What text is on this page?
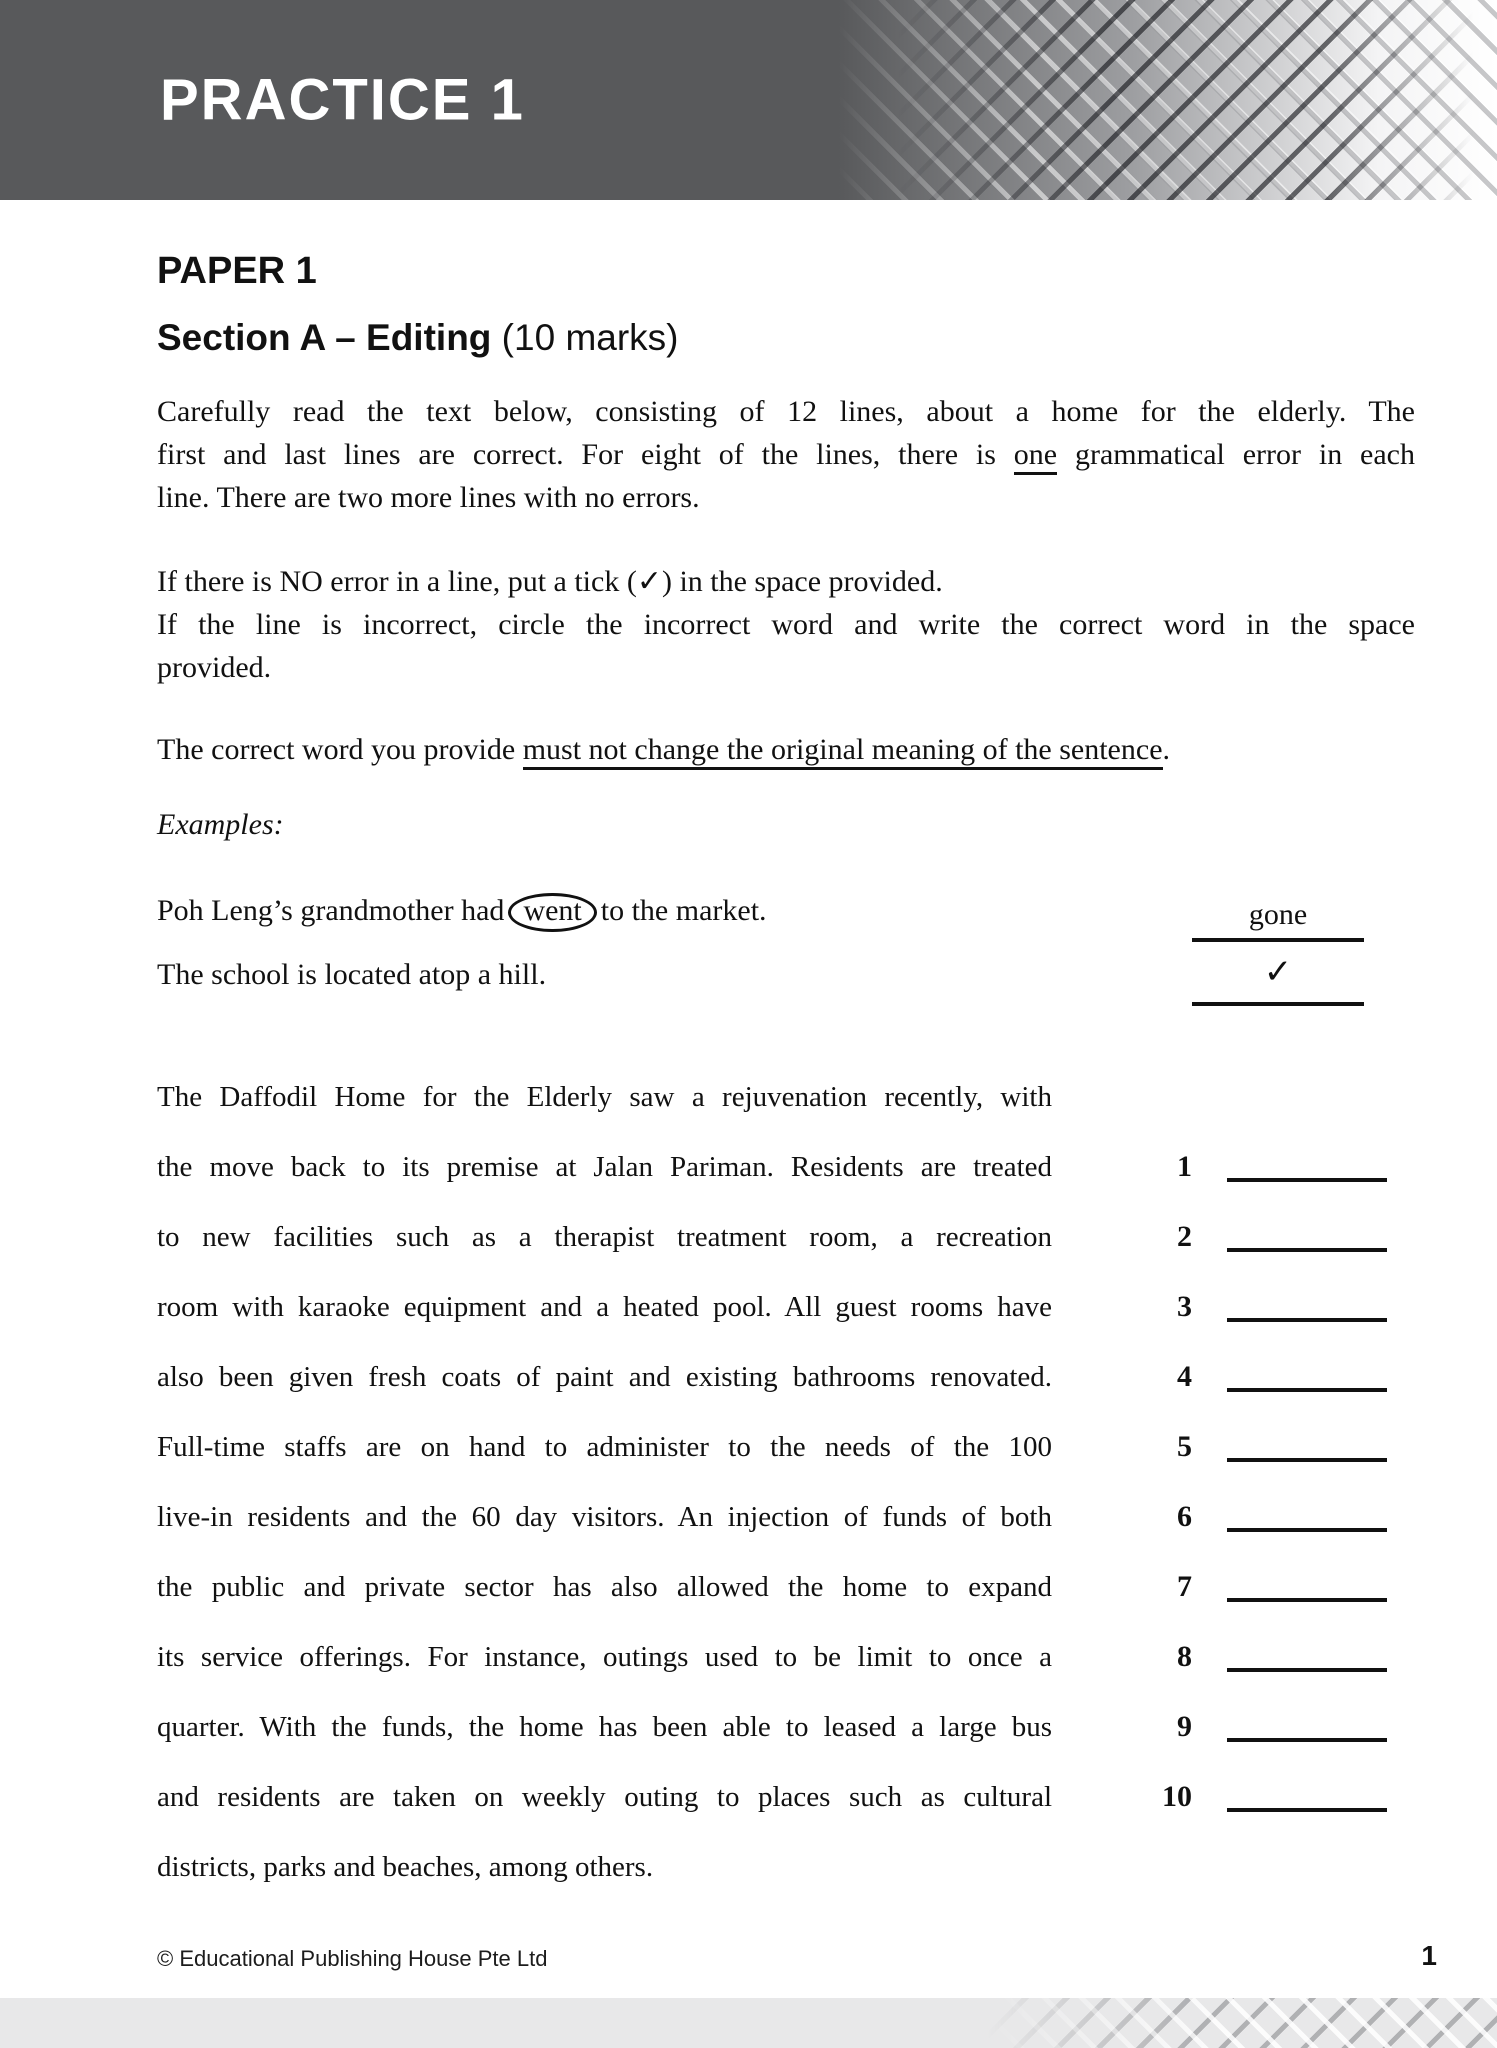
PRACTICE 1
PAPER 1
Section A – Editing (10 marks)
Carefully read the text below, consisting of 12 lines, about a home for the elderly. The
first and last lines are correct. For eight of the lines, there is one grammatical error in each
line. There are two more lines with no errors.
If there is NO error in a line, put a tick (✓) in the space provided.
If the line is incorrect, circle the incorrect word and write the correct word in the space
provided.
The correct word you provide must not change the original meaning of the sentence.
Examples:
Poh Leng’s grandmother had went to the market.	gone
The school is located atop a hill.	✓
The Daffodil Home for the Elderly saw a rejuvenation recently, with
the move back to its premise at Jalan Pariman. Residents are treated	1
to new facilities such as a therapist treatment room, a recreation	2
room with karaoke equipment and a heated pool. All guest rooms have	3
also been given fresh coats of paint and existing bathrooms renovated.	4
Full-time staffs are on hand to administer to the needs of the 100	5
live-in residents and the 60 day visitors. An injection of funds of both	6
the public and private sector has also allowed the home to expand	7
its service offerings. For instance, outings used to be limit to once a	8
quarter. With the funds, the home has been able to leased a large bus	9
and residents are taken on weekly outing to places such as cultural	10
districts, parks and beaches, among others.
© Educational Publishing House Pte Ltd	1
